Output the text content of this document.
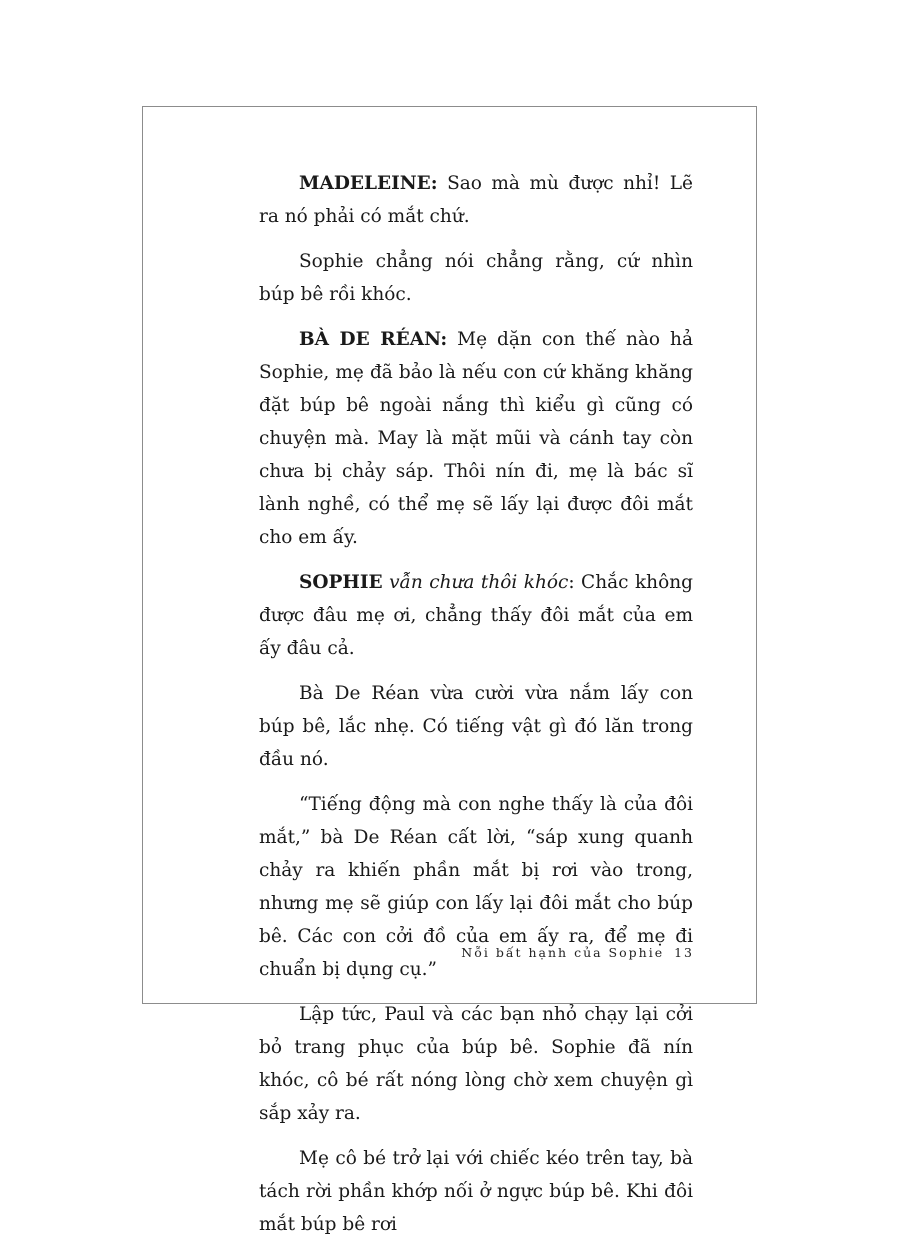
MADELEINE: Sao mà mù được nhỉ! Lẽ ra nó phải có mắt chứ.

Sophie chẳng nói chẳng rằng, cứ nhìn búp bê rồi khóc.

BÀ DE RÉAN: Mẹ dặn con thế nào hả Sophie, mẹ đã bảo là nếu con cứ khăng khăng đặt búp bê ngoài nắng thì kiểu gì cũng có chuyện mà. May là mặt mũi và cánh tay còn chưa bị chảy sáp. Thôi nín đi, mẹ là bác sĩ lành nghề, có thể mẹ sẽ lấy lại được đôi mắt cho em ấy.

SOPHIE vẫn chưa thôi khóc: Chắc không được đâu mẹ ơi, chẳng thấy đôi mắt của em ấy đâu cả.

Bà De Réan vừa cười vừa nắm lấy con búp bê, lắc nhẹ. Có tiếng vật gì đó lăn trong đầu nó.

“Tiếng động mà con nghe thấy là của đôi mắt,” bà De Réan cất lời, “sáp xung quanh chảy ra khiến phần mắt bị rơi vào trong, nhưng mẹ sẽ giúp con lấy lại đôi mắt cho búp bê. Các con cởi đồ của em ấy ra, để mẹ đi chuẩn bị dụng cụ.”

Lập tức, Paul và các bạn nhỏ chạy lại cởi bỏ trang phục của búp bê. Sophie đã nín khóc, cô bé rất nóng lòng chờ xem chuyện gì sắp xảy ra.

Mẹ cô bé trở lại với chiếc kéo trên tay, bà tách rời phần khớp nối ở ngực búp bê. Khi đôi mắt búp bê rơi

Nỗi bất hạnh của Sophie 13
